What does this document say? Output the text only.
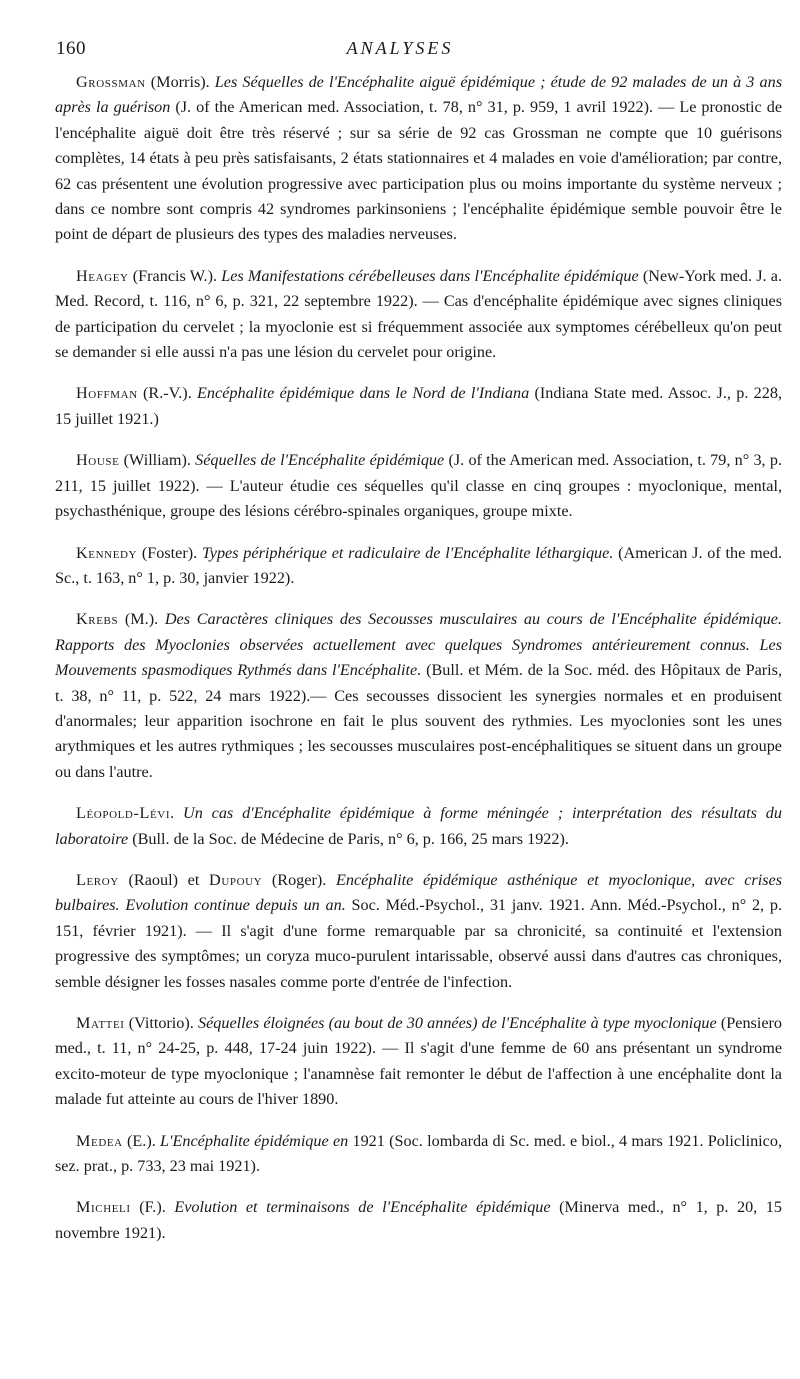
160	ANALYSES

Grossman (Morris). Les Séquelles de l'Encéphalite aiguë épidémique ; étude de 92 malades de un à 3 ans après la guérison (J. of the American med. Association, t. 78, n° 31, p. 959, 1 avril 1922). — Le pronostic de l'encéphalite aiguë doit être très réservé ; sur sa série de 92 cas Grossman ne compte que 10 guérisons complètes, 14 états à peu près satisfaisants, 2 états stationnaires et 4 malades en voie d'amélioration; par contre, 62 cas présentent une évolution progressive avec participation plus ou moins importante du système nerveux ; dans ce nombre sont compris 42 syndromes parkinsoniens ; l'encéphalite épidémique semble pouvoir être le point de départ de plusieurs des types des maladies nerveuses.

Heagey (Francis W.). Les Manifestations cérébelleuses dans l'Encéphalite épidémique (New-York med. J. a. Med. Record, t. 116, n° 6, p. 321, 22 septembre 1922). — Cas d'encéphalite épidémique avec signes cliniques de participation du cervelet ; la myoclonie est si fréquemment associée aux symptomes cérébelleux qu'on peut se demander si elle aussi n'a pas une lésion du cervelet pour origine.

Hoffman (R.-V.). Encéphalite épidémique dans le Nord de l'Indiana (Indiana State med. Assoc. J., p. 228, 15 juillet 1921.)

House (William). Séquelles de l'Encéphalite épidémique (J. of the American med. Association, t. 79, n° 3, p. 211, 15 juillet 1922). — L'auteur étudie ces séquelles qu'il classe en cinq groupes : myoclonique, mental, psychasthénique, groupe des lésions cérébro-spinales organiques, groupe mixte.

Kennedy (Foster). Types périphérique et radiculaire de l'Encéphalite léthargique. (American J. of the med. Sc., t. 163, n° 1, p. 30, janvier 1922).

Krebs (M.). Des Caractères cliniques des Secousses musculaires au cours de l'Encéphalite épidémique. Rapports des Myoclonies observées actuellement avec quelques Syndromes antérieurement connus. Les Mouvements spasmodiques Rythmés dans l'Encéphalite. (Bull. et Mém. de la Soc. méd. des Hôpitaux de Paris, t. 38, n° 11, p. 522, 24 mars 1922).— Ces secousses dissocient les synergies normales et en produisent d'anormales; leur apparition isochrone en fait le plus souvent des rythmies. Les myoclonies sont les unes arythmiques et les autres rythmiques ; les secousses musculaires post-encéphalitiques se situent dans un groupe ou dans l'autre.

Léopold-Lévi. Un cas d'Encéphalite épidémique à forme méningée ; interprétation des résultats du laboratoire (Bull. de la Soc. de Médecine de Paris, n° 6, p. 166, 25 mars 1922).

Leroy (Raoul) et Dupouy (Roger). Encéphalite épidémique asthénique et myoclonique, avec crises bulbaires. Evolution continue depuis un an. Soc. Méd.-Psychol., 31 janv. 1921. Ann. Méd.-Psychol., n° 2, p. 151, février 1921). — Il s'agit d'une forme remarquable par sa chronicité, sa continuité et l'extension progressive des symptômes; un coryza muco-purulent intarissable, observé aussi dans d'autres cas chroniques, semble désigner les fosses nasales comme porte d'entrée de l'infection.

Mattei (Vittorio). Séquelles éloignées (au bout de 30 années) de l'Encéphalite à type myoclonique (Pensiero med., t. 11, n° 24-25, p. 448, 17-24 juin 1922). — Il s'agit d'une femme de 60 ans présentant un syndrome excito-moteur de type myoclonique ; l'anamnèse fait remonter le début de l'affection à une encéphalite dont la malade fut atteinte au cours de l'hiver 1890.

Medea (E.). L'Encéphalite épidémique en 1921 (Soc. lombarda di Sc. med. e biol., 4 mars 1921. Policlinico, sez. prat., p. 733, 23 mai 1921).

Micheli (F.). Evolution et terminaisons de l'Encéphalite épidémique (Minerva med., n° 1, p. 20, 15 novembre 1921).
